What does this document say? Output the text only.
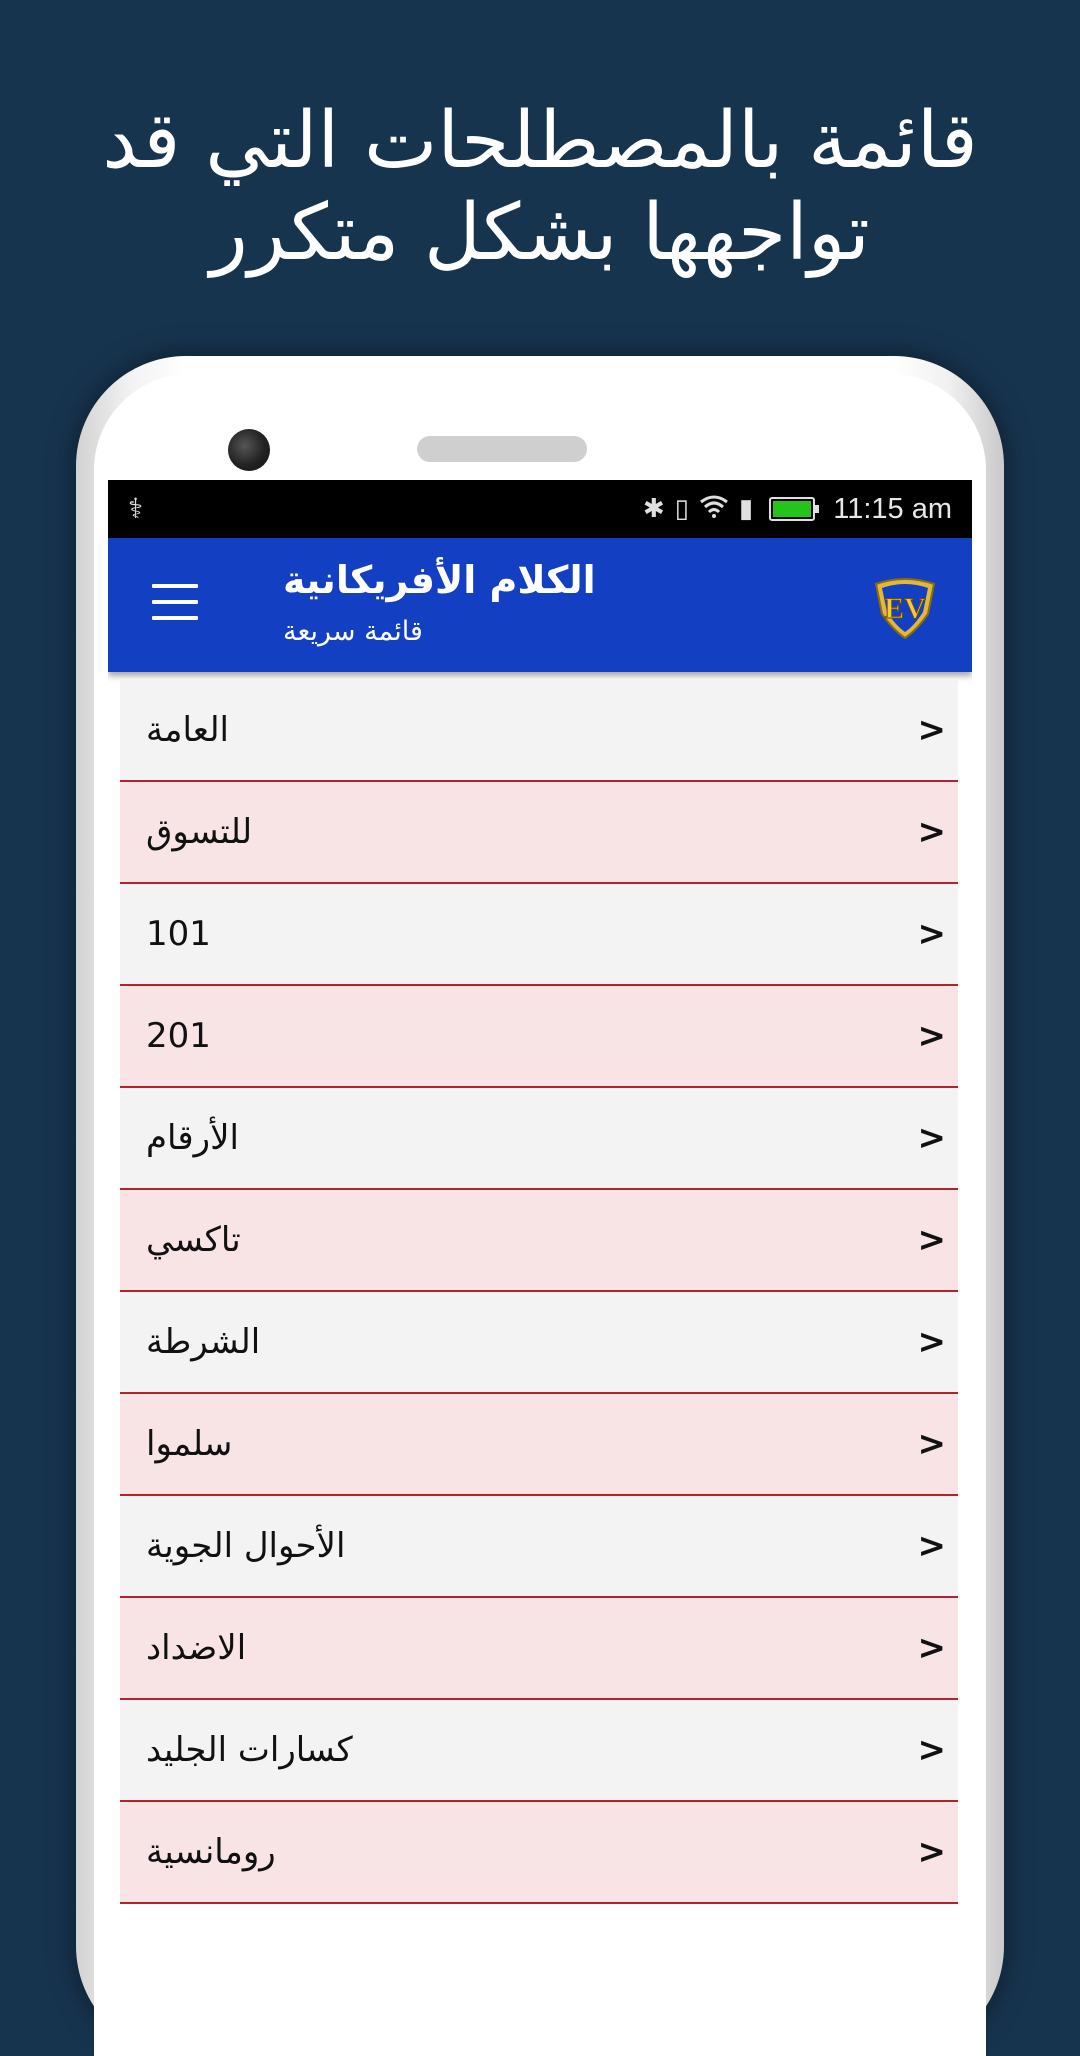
قائمة بالمصطلحات التي قد
تواجهها بشكل متكرر
⚕	✱ ▯ ▮	11:15 am
الكلام الأفريكانية
قائمة سريعة
EV
العامة	>
للتسوق	>
101	>
201	>
الأرقام	>
تاكسي	>
الشرطة	>
سلموا	>
الأحوال الجوية	>
الاضداد	>
كسارات الجليد	>
رومانسية	>
